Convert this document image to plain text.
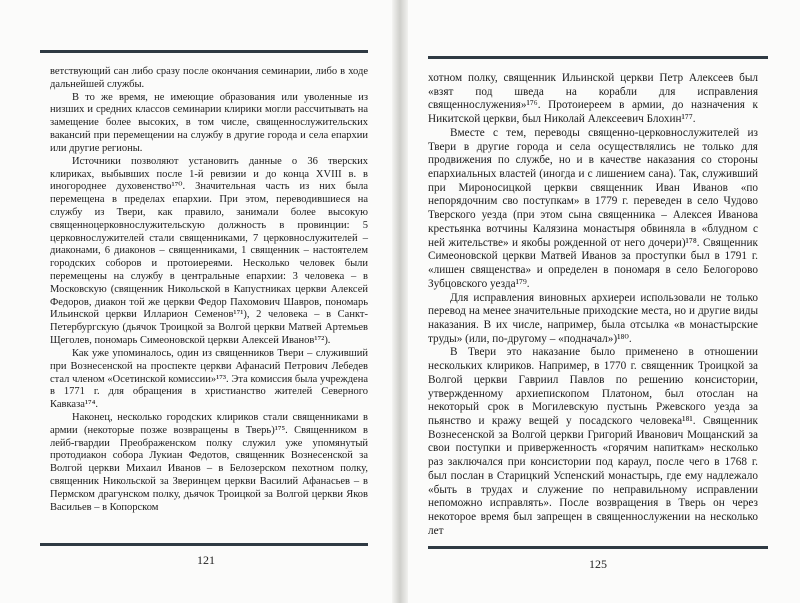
ветствующий сан либо сразу после окончания семинарии, либо в ходе дальнейшей службы.

В то же время, не имеющие образования или уволенные из низших и средних классов семинарии клирики могли рассчитывать на замещение более высоких, в том числе, священнослужительских вакансий при перемещении на службу в другие города и села епархии или другие регионы.

Источники позволяют установить данные о 36 тверских клириках, выбывших после 1-й ревизии и до конца XVIII в. в иногороднее духовенство¹⁷⁰. Значительная часть из них была перемещена в пределах епархии. При этом, переводившиеся на службу из Твери, как правило, занимали более высокую священноцерковнослужительскую должность в провинции: 5 церковнослужителей стали священниками, 7 церковнослужителей – диаконами, 6 диаконов – священниками, 1 священник – настоятелем городских соборов и протоиереями. Несколько человек были перемещены на службу в центральные епархии: 3 человека – в Московскую (священник Никольской в Капустниках церкви Алексей Федоров, диакон той же церкви Федор Пахомович Шавров, пономарь Ильинской церкви Илларион Семенов¹⁷¹), 2 человека – в Санкт-Петербургскую (дьячок Троицкой за Волгой церкви Матвей Артемьев Щеголев, пономарь Симеоновской церкви Алексей Иванов¹⁷²).

Как уже упоминалось, один из священников Твери – служивший при Вознесенской на проспекте церкви Афанасий Петрович Лебедев стал членом «Осетинской комиссии»¹⁷³. Эта комиссия была учреждена в 1771 г. для обращения в христианство жителей Северного Кавказа¹⁷⁴.

Наконец, несколько городских клириков стали священниками в армии (некоторые позже возвращены в Тверь)¹⁷⁵. Священником в лейб-гвардии Преображенском полку служил уже упомянутый протодиакон собора Лукиан Федотов, священник Вознесенской за Волгой церкви Михаил Иванов – в Белозерском пехотном полку, священник Никольской за Зверинцем церкви Василий Афанасьев – в Пермском драгунском полку, дьячок Троицкой за Волгой церкви Яков Васильев – в Копорском

121

хотном полку, священник Ильинской церкви Петр Алексеев был «взят под шведа на корабли для исправления священнослужения»¹⁷⁶. Протоиереем в армии, до назначения к Никитской церкви, был Николай Алексеевич Блохин¹⁷⁷.

Вместе с тем, переводы священно-церковнослужителей из Твери в другие города и села осуществлялись не только для продвижения по службе, но и в качестве наказания со стороны епархиальных властей (иногда и с лишением сана). Так, служивший при Мироносицкой церкви священник Иван Иванов «по непорядочним сво поступкам» в 1779 г. переведен в село Чудово Тверского уезда (при этом сына священника – Алексея Иванова крестьянка вотчины Калязина монастыря обвиняла в «блудном с ней жительстве» и якобы рожденной от него дочери)¹⁷⁸. Священник Симеоновской церкви Матвей Иванов за проступки был в 1791 г. «лишен священства» и определен в пономаря в село Белогорово Зубцовского уезда¹⁷⁹.

Для исправления виновных архиереи использовали не только перевод на менее значительные приходские места, но и другие виды наказания. В их числе, например, была отсылка «в монастырские труды» (или, по-другому – «подначал»)¹⁸⁰.

В Твери это наказание было применено в отношении нескольких клириков. Например, в 1770 г. священник Троицкой за Волгой церкви Гавриил Павлов по решению консистории, утвержденному архиепископом Платоном, был отослан на некоторый срок в Могилевскую пустынь Ржевского уезда за пьянство и кражу вещей у посадского человека¹⁸¹. Священник Вознесенской за Волгой церкви Григорий Иванович Мощанский за свои поступки и приверженность «горячим напиткам» несколько раз заключался при консистории под караул, после чего в 1768 г. был послан в Старицкий Успенский монастырь, где ему надлежало «быть в трудах и служение по неправильному исправлении непоможно исправлять». После возвращения в Тверь он через некоторое время был запрещен в священнослужении на несколько лет

125
